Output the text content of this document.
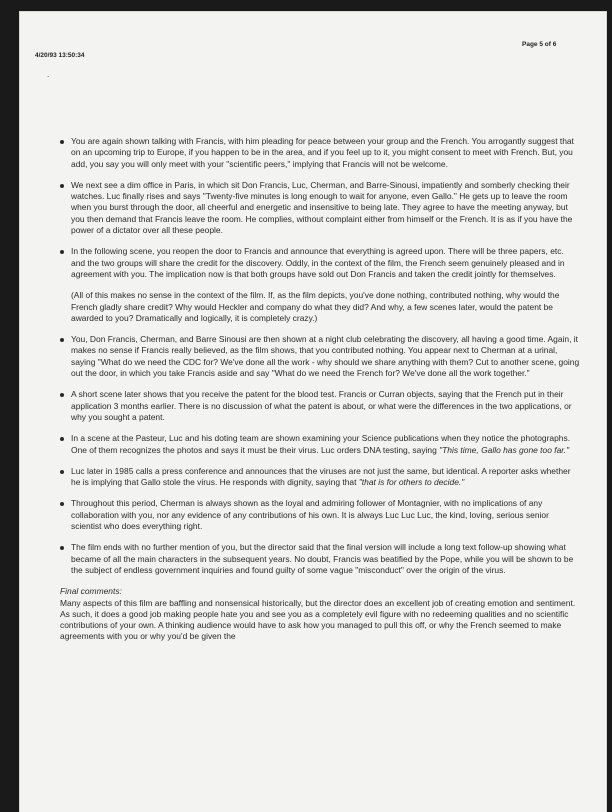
4/20/93 13:50:34
Page 5 of 6
.

You are again shown talking with Francis, with him pleading for peace between your group and the French. You arrogantly suggest that on an upcoming trip to Europe, if you happen to be in the area, and if you feel up to it, you might consent to meet with French. But, you add, you say you will only meet with your "scientific peers," implying that Francis will not be welcome.

We next see a dim office in Paris, in which sit Don Francis, Luc, Cherman, and Barre-Sinousi, impatiently and somberly checking their watches. Luc finally rises and says "Twenty-five minutes is long enough to wait for anyone, even Gallo." He gets up to leave the room when you burst through the door, all cheerful and energetic and insensitive to being late. They agree to have the meeting anyway, but you then demand that Francis leave the room. He complies, without complaint either from himself or the French. It is as if you have the power of a dictator over all these people.

In the following scene, you reopen the door to Francis and announce that everything is agreed upon. There will be three papers, etc. and the two groups will share the credit for the discovery. Oddly, in the context of the film, the French seem genuinely pleased and in agreement with you. The implication now is that both groups have sold out Don Francis and taken the credit jointly for themselves.

(All of this makes no sense in the context of the film. If, as the film depicts, you've done nothing, contributed nothing, why would the French gladly share credit? Why would Heckler and company do what they did? And why, a few scenes later, would the patent be awarded to you? Dramatically and logically, it is completely crazy.)

You, Don Francis, Cherman, and Barre Sinousi are then shown at a night club celebrating the discovery, all having a good time. Again, it makes no sense if Francis really believed, as the film shows, that you contributed nothing. You appear next to Cherman at a urinal, saying "What do we need the CDC for? We've done all the work - why should we share anything with them? Cut to another scene, going out the door, in which you take Francis aside and say "What do we need the French for? We've done all the work together."

A short scene later shows that you receive the patent for the blood test. Francis or Curran objects, saying that the French put in their application 3 months earlier. There is no discussion of what the patent is about, or what were the differences in the two applications, or why you sought a patent.

In a scene at the Pasteur, Luc and his doting team are shown examining your Science publications when they notice the photographs. One of them recognizes the photos and says it must be their virus. Luc orders DNA testing, saying "This time, Gallo has gone too far."

Luc later in 1985 calls a press conference and announces that the viruses are not just the same, but identical. A reporter asks whether he is implying that Gallo stole the virus. He responds with dignity, saying that "that is for others to decide."

Throughout this period, Cherman is always shown as the loyal and admiring follower of Montagnier, with no implications of any collaboration with you, nor any evidence of any contributions of his own. It is always Luc Luc Luc, the kind, loving, serious senior scientist who does everything right.

The film ends with no further mention of you, but the director said that the final version will include a long text follow-up showing what became of all the main characters in the subsequent years. No doubt, Francis was beatified by the Pope, while you will be shown to be the subject of endless government inquiries and found guilty of some vague "misconduct" over the origin of the virus.

Final comments:

Many aspects of this film are baffling and nonsensical historically, but the director does an excellent job of creating emotion and sentiment. As such, it does a good job making people hate you and see you as a completely evil figure with no redeeming qualities and no scientific contributions of your own. A thinking audience would have to ask how you managed to pull this off, or why the French seemed to make agreements with you or why you'd be given the
